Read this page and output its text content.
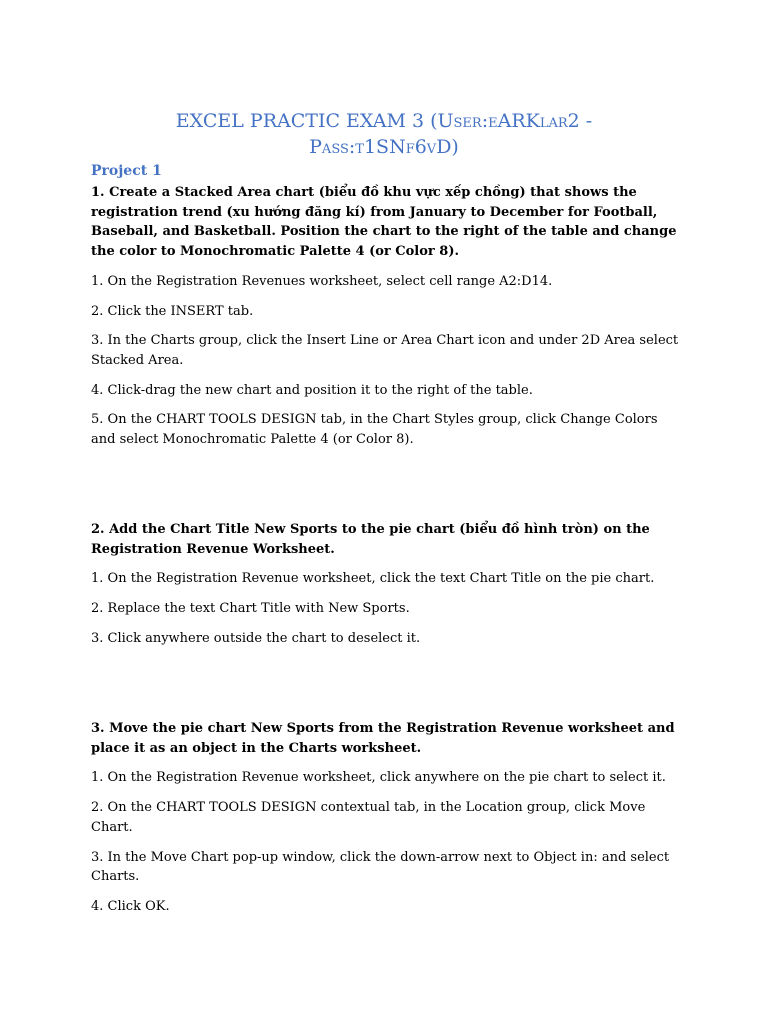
EXCEL PRACTIC EXAM 3 (User:eARKlar2 -
Pass:t1SNf6vD)

Project 1

1. Create a Stacked Area chart (biểu đồ khu vực xếp chồng) that shows the registration trend (xu hướng đăng kí) from January to December for Football, Baseball, and Basketball. Position the chart to the right of the table and change the color to Monochromatic Palette 4 (or Color 8).

1. On the Registration Revenues worksheet, select cell range A2:D14.

2. Click the INSERT tab.

3. In the Charts group, click the Insert Line or Area Chart icon and under 2D Area select Stacked Area.

4. Click-drag the new chart and position it to the right of the table.

5. On the CHART TOOLS DESIGN tab, in the Chart Styles group, click Change Colors and select Monochromatic Palette 4 (or Color 8).

2. Add the Chart Title New Sports to the pie chart (biểu đồ hình tròn) on the Registration Revenue Worksheet.

1. On the Registration Revenue worksheet, click the text Chart Title on the pie chart.

2. Replace the text Chart Title with New Sports.

3. Click anywhere outside the chart to deselect it.

3. Move the pie chart New Sports from the Registration Revenue worksheet and place it as an object in the Charts worksheet.

1. On the Registration Revenue worksheet, click anywhere on the pie chart to select it.

2. On the CHART TOOLS DESIGN contextual tab, in the Location group, click Move Chart.

3. In the Move Chart pop-up window, click the down-arrow next to Object in: and select Charts.

4. Click OK.
